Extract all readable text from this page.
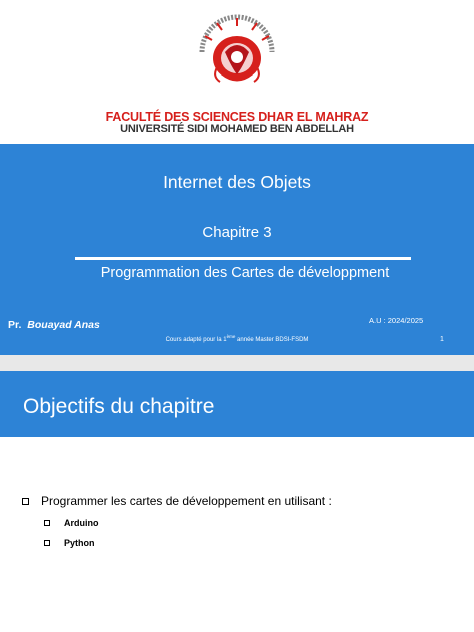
FACULTÉ DES SCIENCES DHAR EL MAHRAZ
UNIVERSITÉ SIDI MOHAMED BEN ABDELLAH
Internet des Objets
Chapitre 3
Programmation des Cartes de développment
Pr. Bouayad Anas	A.U : 2024/2025
Cours adapté pour la 1ème année Master BDSI-FSDM	1
Objectifs du chapitre
Programmer les cartes de développement en utilisant :
Arduino
Python
